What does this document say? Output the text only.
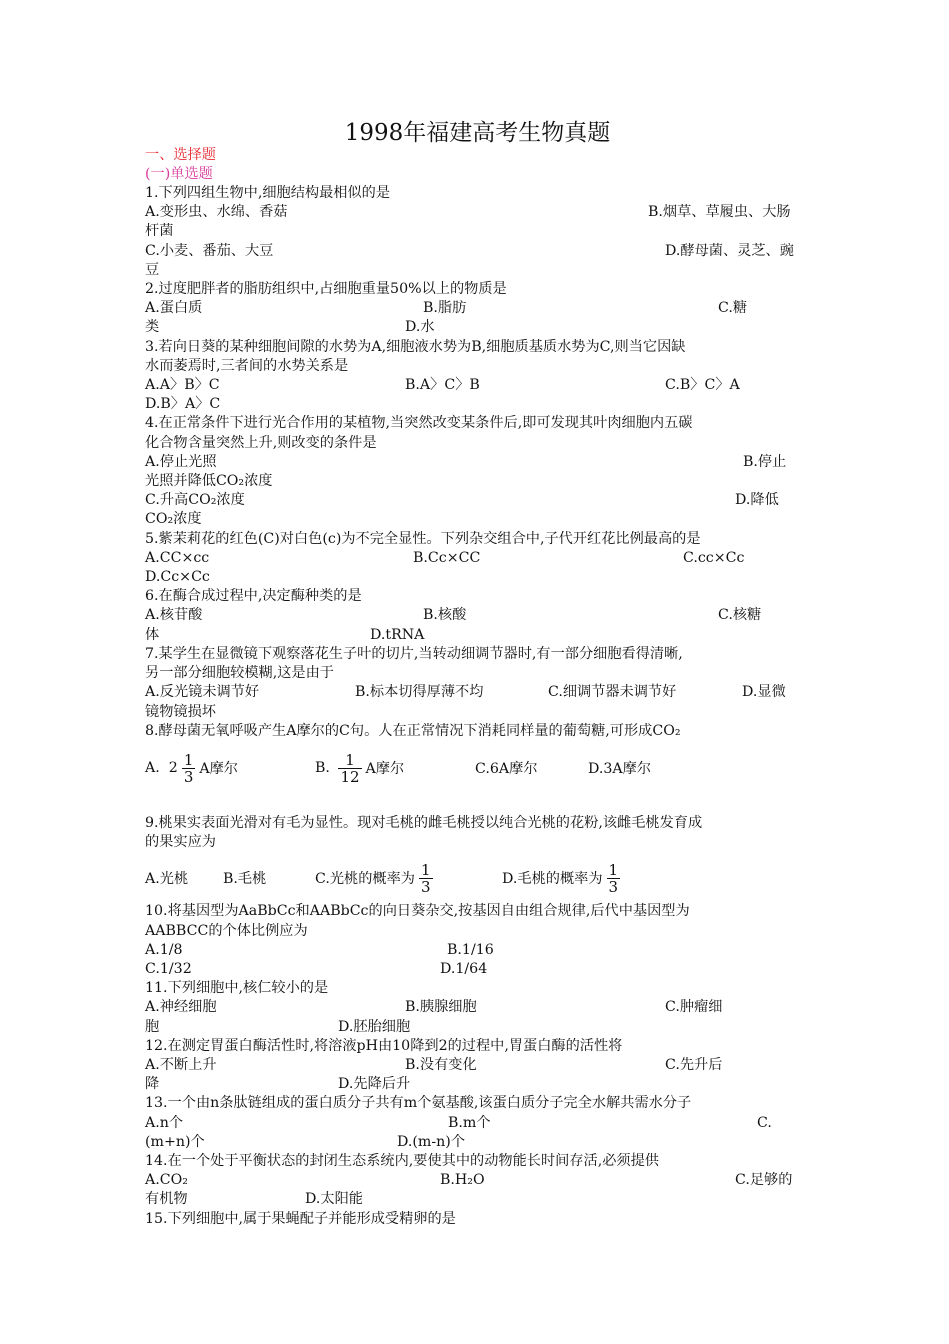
1998年福建高考生物真题
一、选择题
(一)单选题
1.下列四组生物中,细胞结构最相似的是
A.变形虫、水绵、香菇	B.烟草、草履虫、大肠
杆菌
C.小麦、番茄、大豆	D.酵母菌、灵芝、豌
豆
2.过度肥胖者的脂肪组织中,占细胞重量50%以上的物质是
A.蛋白质	B.脂肪	C.糖
类	D.水
3.若向日葵的某种细胞间隙的水势为A,细胞液水势为B,细胞质基质水势为C,则当它因缺
水而萎焉时,三者间的水势关系是
A.A〉B〉C	B.A〉C〉B	C.B〉C〉A
D.B〉A〉C
4.在正常条件下进行光合作用的某植物,当突然改变某条件后,即可发现其叶肉细胞内五碳
化合物含量突然上升,则改变的条件是
A.停止光照	B.停止
光照并降低CO₂浓度
C.升高CO₂浓度	D.降低
CO₂浓度
5.紫茉莉花的红色(C)对白色(c)为不完全显性。下列杂交组合中,子代开红花比例最高的是
A.CC×cc	B.Cc×CC	C.cc×Cc
D.Cc×Cc
6.在酶合成过程中,决定酶种类的是
A.核苷酸	B.核酸	C.核糖
体	D.tRNA
7.某学生在显微镜下观察落花生子叶的切片,当转动细调节器时,有一部分细胞看得清晰,
另一部分细胞较模糊,这是由于
A.反光镜未调节好	B.标本切得厚薄不均	C.细调节器未调节好	D.显微
镜物镜损坏
8.酵母菌无氧呼吸产生A摩尔的C句。人在正常情况下消耗同样量的葡萄糖,可形成CO₂
A.
$2 \frac{1}{3}$ A摩尔	B.
$\frac{1}{12}$ A摩尔	C.6A摩尔	D.3A摩尔
9.桃果实表面光滑对有毛为显性。现对毛桃的雌毛桃授以纯合光桃的花粉,该雌毛桃发育成
的果实应为
A.光桃 B.毛桃	C.光桃的概率为 $\frac{1}{3}$	D.毛桃的概率为 $\frac{1}{3}$
10.将基因型为AaBbCc和AABbCc的向日葵杂交,按基因自由组合规律,后代中基因型为
AABBCC的个体比例应为
A.1/8	B.1/16
C.1/32	D.1/64
11.下列细胞中,核仁较小的是
A.神经细胞	B.胰腺细胞	C.肿瘤细
胞	D.胚胎细胞
12.在测定胃蛋白酶活性时,将溶液pH由10降到2的过程中,胃蛋白酶的活性将
A.不断上升	B.没有变化	C.先升后
降	D.先降后升
13.一个由n条肽链组成的蛋白质分子共有m个氨基酸,该蛋白质分子完全水解共需水分子
A.n个	B.m个	C.
(m+n)个	D.(m-n)个
14.在一个处于平衡状态的封闭生态系统内,要使其中的动物能长时间存活,必须提供
A.CO₂	B.H₂O	C.足够的
有机物	D.太阳能
15.下列细胞中,属于果蝇配子并能形成受精卵的是
